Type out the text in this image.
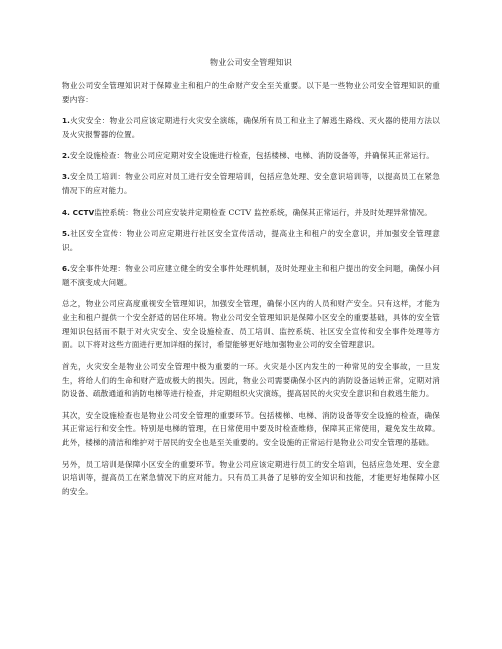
物业公司安全管理知识

物业公司安全管理知识对于保障业主和租户的生命财产安全至关重要。以下是一些物业公司安全管理知识的重要内容：

1.火灾安全：物业公司应该定期进行火灾安全演练，确保所有员工和业主了解逃生路线、灭火器的使用方法以及火灾报警器的位置。

2.安全设施检查：物业公司应定期对安全设施进行检查，包括楼梯、电梯、消防设备等，并确保其正常运行。

3.安全员工培训：物业公司应对员工进行安全管理培训，包括应急处理、安全意识培训等，以提高员工在紧急情况下的应对能力。

4. CCTV监控系统：物业公司应安装并定期检查 CCTV 监控系统，确保其正常运行，并及时处理异常情况。

5.社区安全宣传：物业公司应定期进行社区安全宣传活动，提高业主和租户的安全意识，并加强安全管理意识。

6.安全事件处理：物业公司应建立健全的安全事件处理机制，及时处理业主和租户提出的安全问题，确保小问题不演变成大问题。

总之，物业公司应高度重视安全管理知识，加强安全管理，确保小区内的人员和财产安全。只有这样，才能为业主和租户提供一个安全舒适的居住环境。物业公司安全管理知识是保障小区安全的重要基础，具体的安全管理知识包括而不限于对火灾安全、安全设施检查、员工培训、监控系统、社区安全宣传和安全事件处理等方面。以下将对这些方面进行更加详细的探讨，希望能够更好地加强物业公司的安全管理意识。

首先，火灾安全是物业公司安全管理中极为重要的一环。火灾是小区内发生的一种常见的安全事故，一旦发生，将给人们的生命和财产造成极大的损失。因此，物业公司需要确保小区内的消防设备运转正常，定期对消防设备、疏散通道和消防电梯等进行检查，并定期组织火灾演练，提高居民的火灾安全意识和自救逃生能力。

其次，安全设施检查也是物业公司安全管理的重要环节。包括楼梯、电梯、消防设备等安全设施的检查，确保其正常运行和安全性。特别是电梯的管理，在日常使用中要及时检查维修，保障其正常使用，避免发生故障。此外，楼梯的清洁和维护对于居民的安全也是至关重要的。安全设施的正常运行是物业公司安全管理的基础。

另外，员工培训是保障小区安全的重要环节。物业公司应该定期进行员工的安全培训，包括应急处理、安全意识培训等，提高员工在紧急情况下的应对能力。只有员工具备了足够的安全知识和技能，才能更好地保障小区的安全。
